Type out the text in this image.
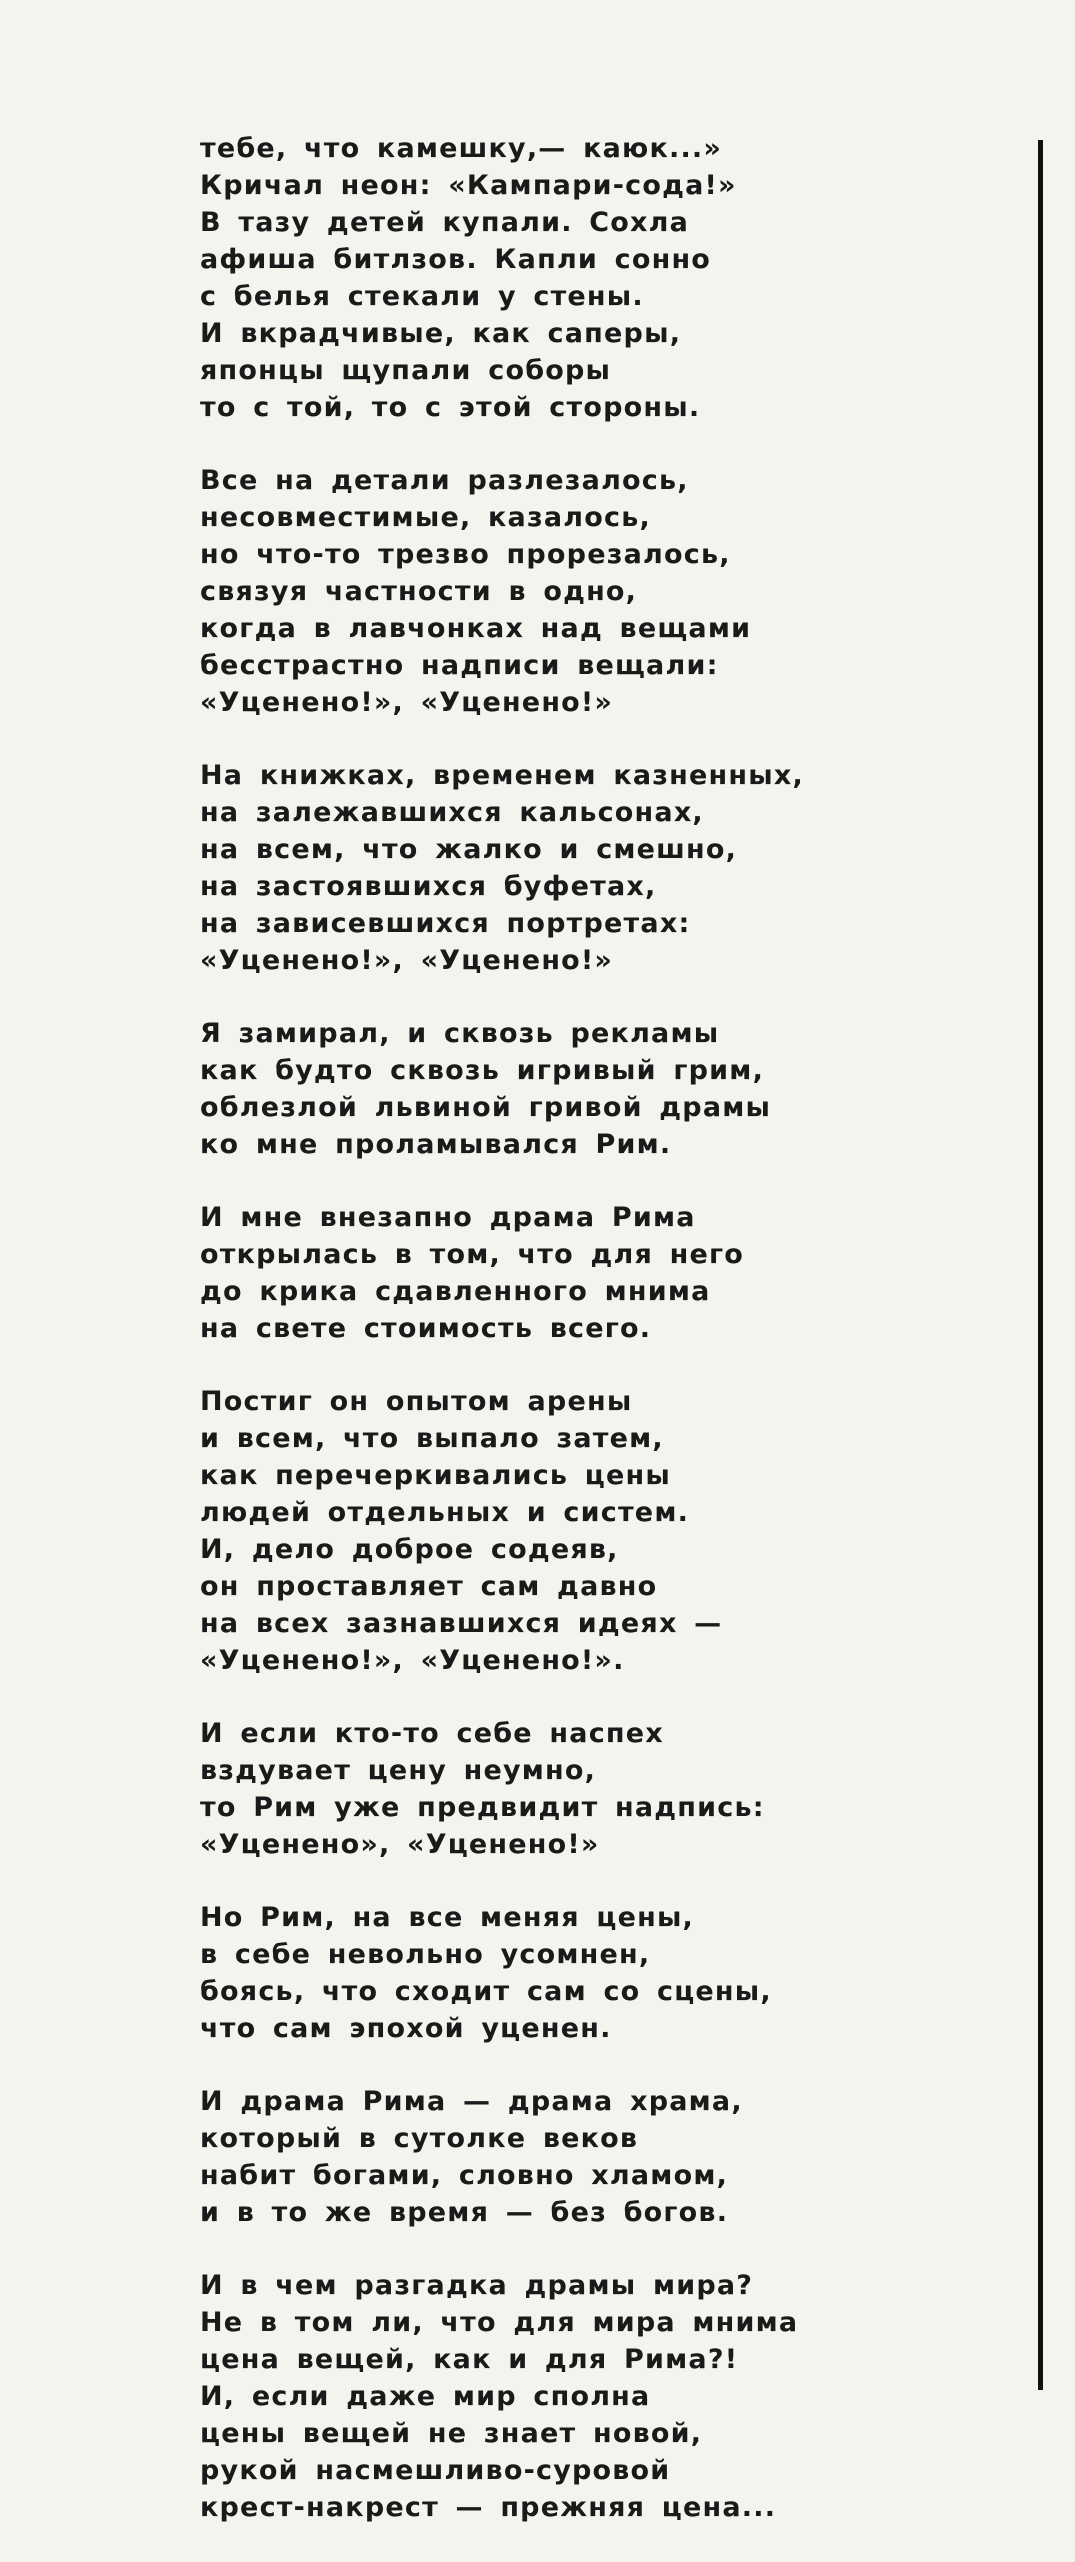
тебе, что камешку,— каюк...»
Кричал неон: «Кампари-сода!»
В тазу детей купали. Сохла
афиша битлзов. Капли сонно
с белья стекали у стены.
И вкрадчивые, как саперы,
японцы щупали соборы
то с той, то с этой стороны.
Все на детали разлезалось,
несовместимые, казалось,
но что-то трезво прорезалось,
связуя частности в одно,
когда в лавчонках над вещами
бесстрастно надписи вещали:
«Уценено!», «Уценено!»
На книжках, временем казненных,
на залежавшихся кальсонах,
на всем, что жалко и смешно,
на застоявшихся буфетах,
на зависевшихся портретах:
«Уценено!», «Уценено!»
Я замирал, и сквозь рекламы
как будто сквозь игривый грим,
облезлой львиной гривой драмы
ко мне проламывался Рим.
И мне внезапно драма Рима
открылась в том, что для него
до крика сдавленного мнима
на свете стоимость всего.
Постиг он опытом арены
и всем, что выпало затем,
как перечеркивались цены
людей отдельных и систем.
И, дело доброе содеяв,
он проставляет сам давно
на всех зазнавшихся идеях —
«Уценено!», «Уценено!».
И если кто-то себе наспех
вздувает цену неумно,
то Рим уже предвидит надпись:
«Уценено», «Уценено!»
Но Рим, на все меняя цены,
в себе невольно усомнен,
боясь, что сходит сам со сцены,
что сам эпохой уценен.
И драма Рима — драма храма,
который в сутолке веков
набит богами, словно хламом,
и в то же время — без богов.
И в чем разгадка драмы мира?
Не в том ли, что для мира мнима
цена вещей, как и для Рима?!
И, если даже мир сполна
цены вещей не знает новой,
рукой насмешливо-суровой
крест-накрест — прежняя цена...
